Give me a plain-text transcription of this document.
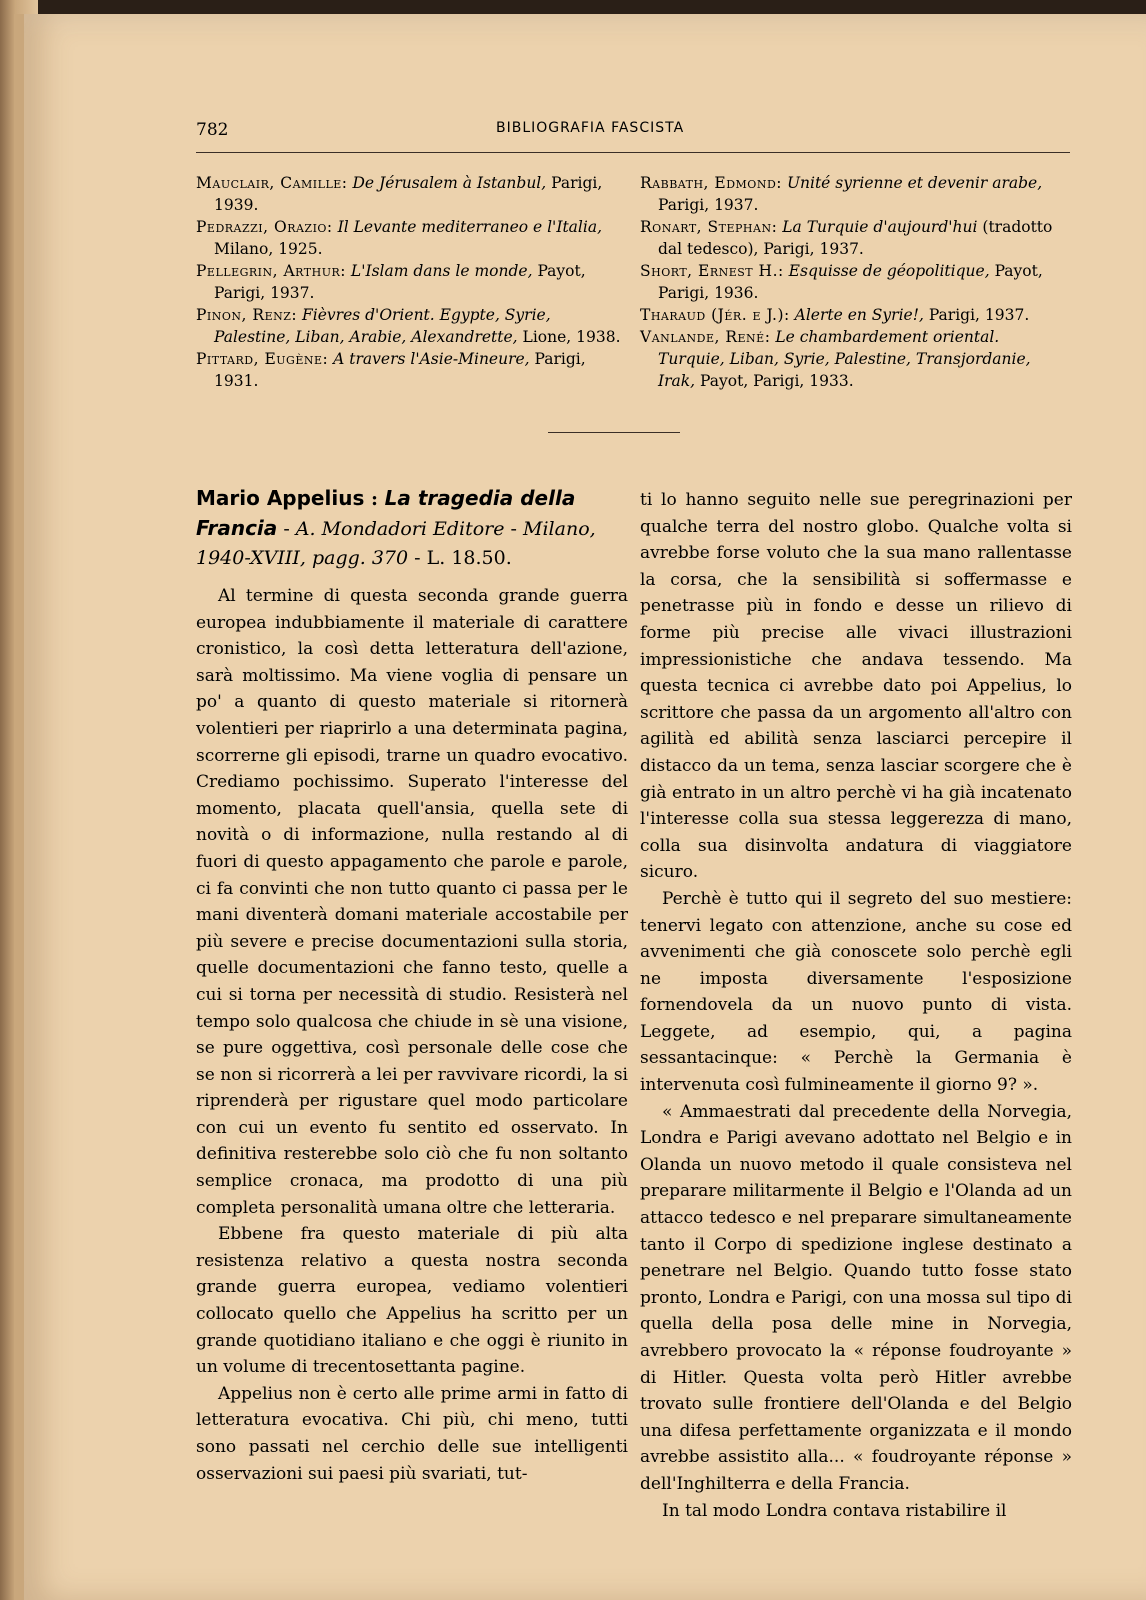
782	BIBLIOGRAFIA FASCISTA
Mauclair, Camille: De Jérusalem à Istanbul, Parigi, 1939.
Pedrazzi, Orazio: Il Levante mediterraneo e l'Italia, Milano, 1925.
Pellegrin, Arthur: L'Islam dans le monde, Payot, Parigi, 1937.
Pinon, Renz: Fièvres d'Orient. Egypte, Syrie, Palestine, Liban, Arabie, Alexandrette, Lione, 1938.
Pittard, Eugène: A travers l'Asie-Mineure, Parigi, 1931.
Rabbath, Edmond: Unité syrienne et devenir arabe, Parigi, 1937.
Ronart, Stephan: La Turquie d'aujourd'hui (tradotto dal tedesco), Parigi, 1937.
Short, Ernest H.: Esquisse de géopolitique, Payot, Parigi, 1936.
Tharaud (Jér. e J.): Alerte en Syrie!, Parigi, 1937.
Vanlande, René: Le chambardement oriental. Turquie, Liban, Syrie, Palestine, Transjordanie, Irak, Payot, Parigi, 1933.
Mario Appelius : La tragedia della Francia - A. Mondadori Editore - Milano, 1940-XVIII, pagg. 370 - L. 18.50.

Al termine di questa seconda grande guerra europea indubbiamente il materiale di carattere cronistico, la così detta letteratura dell'azione, sarà moltissimo. Ma viene voglia di pensare un po' a quanto di questo materiale si ritornerà volentieri per riaprirlo a una determinata pagina, scorrerne gli episodi, trarne un quadro evocativo. Crediamo pochissimo. Superato l'interesse del momento, placata quell'ansia, quella sete di novità o di informazione, nulla restando al di fuori di questo appagamento che parole e parole, ci fa convinti che non tutto quanto ci passa per le mani diventerà domani materiale accostabile per più severe e precise documentazioni sulla storia, quelle documentazioni che fanno testo, quelle a cui si torna per necessità di studio. Resisterà nel tempo solo qualcosa che chiude in sè una visione, se pure oggettiva, così personale delle cose che se non si ricorrerà a lei per ravvivare ricordi, la si riprenderà per rigustare quel modo particolare con cui un evento fu sentito ed osservato. In definitiva resterebbe solo ciò che fu non soltanto semplice cronaca, ma prodotto di una più completa personalità umana oltre che letteraria.

Ebbene fra questo materiale di più alta resistenza relativo a questa nostra seconda grande guerra europea, vediamo volentieri collocato quello che Appelius ha scritto per un grande quotidiano italiano e che oggi è riunito in un volume di trecentosettanta pagine.

Appelius non è certo alle prime armi in fatto di letteratura evocativa. Chi più, chi meno, tutti sono passati nel cerchio delle sue intelligenti osservazioni sui paesi più svariati, tut-

ti lo hanno seguito nelle sue peregrinazioni per qualche terra del nostro globo. Qualche volta si avrebbe forse voluto che la sua mano rallentasse la corsa, che la sensibilità si soffermasse e penetrasse più in fondo e desse un rilievo di forme più precise alle vivaci illustrazioni impressionistiche che andava tessendo. Ma questa tecnica ci avrebbe dato poi Appelius, lo scrittore che passa da un argomento all'altro con agilità ed abilità senza lasciarci percepire il distacco da un tema, senza lasciar scorgere che è già entrato in un altro perchè vi ha già incatenato l'interesse colla sua stessa leggerezza di mano, colla sua disinvolta andatura di viaggiatore sicuro.

Perchè è tutto qui il segreto del suo mestiere: tenervi legato con attenzione, anche su cose ed avvenimenti che già conoscete solo perchè egli ne imposta diversamente l'esposizione fornendovela da un nuovo punto di vista. Leggete, ad esempio, qui, a pagina sessantacinque: « Perchè la Germania è intervenuta così fulmineamente il giorno 9? ».

« Ammaestrati dal precedente della Norvegia, Londra e Parigi avevano adottato nel Belgio e in Olanda un nuovo metodo il quale consisteva nel preparare militarmente il Belgio e l'Olanda ad un attacco tedesco e nel preparare simultaneamente tanto il Corpo di spedizione inglese destinato a penetrare nel Belgio. Quando tutto fosse stato pronto, Londra e Parigi, con una mossa sul tipo di quella della posa delle mine in Norvegia, avrebbero provocato la « réponse foudroyante » di Hitler. Questa volta però Hitler avrebbe trovato sulle frontiere dell'Olanda e del Belgio una difesa perfettamente organizzata e il mondo avrebbe assistito alla... « foudroyante réponse » dell'Inghilterra e della Francia.

In tal modo Londra contava ristabilire il
